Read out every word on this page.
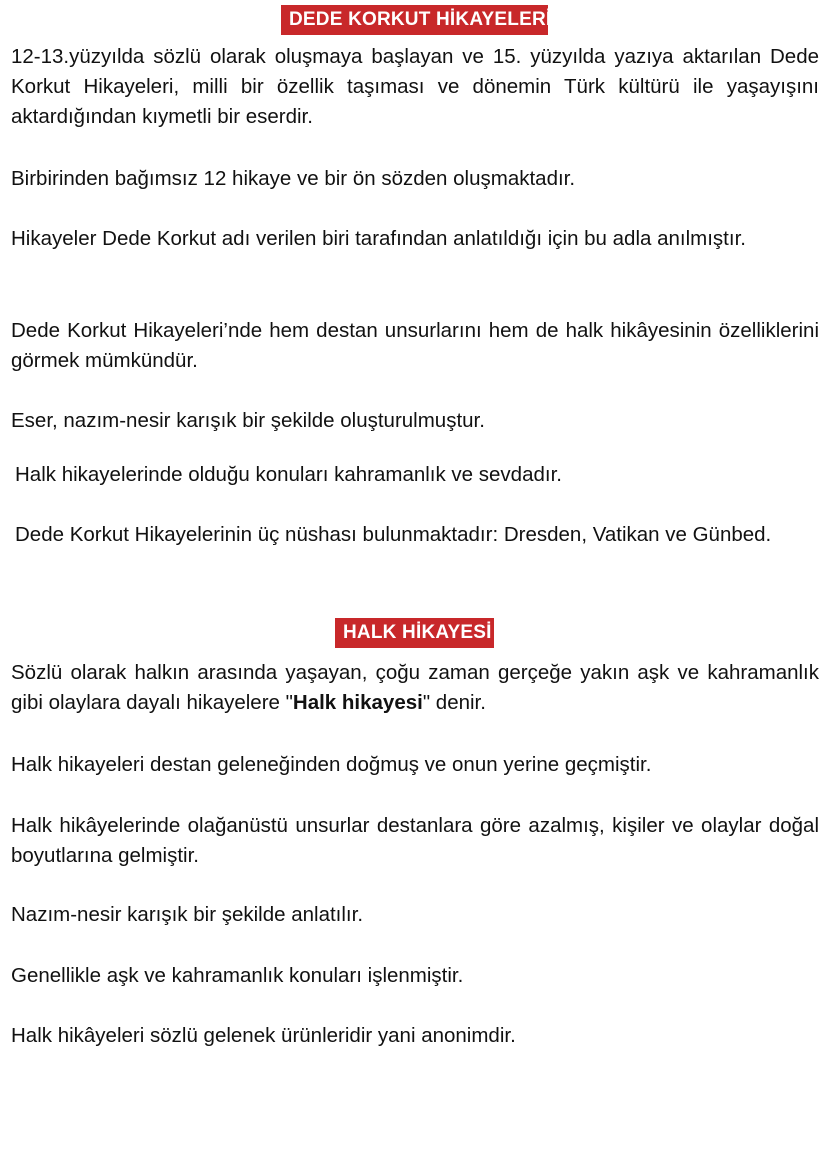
DEDE KORKUT HİKAYELERİ

12-13.yüzyılda sözlü olarak oluşmaya başlayan ve 15. yüzyılda yazıya aktarılan Dede Korkut Hikayeleri, milli bir özellik taşıması ve dönemin Türk kültürü ile yaşayışını aktardığından kıymetli bir eserdir.

Birbirinden bağımsız 12 hikaye ve bir ön sözden oluşmaktadır.

Hikayeler Dede Korkut adı verilen biri tarafından anlatıldığı için bu adla anılmıştır.

Dede Korkut Hikayeleri’nde hem destan unsurlarını hem de halk hikâyesinin özelliklerini görmek mümkündür.

Eser, nazım-nesir karışık bir şekilde oluşturulmuştur.

Halk hikayelerinde olduğu konuları kahramanlık ve sevdadır.

Dede Korkut Hikayelerinin üç nüshası bulunmaktadır: Dresden, Vatikan ve Günbed.

HALK HİKAYESİ

Sözlü olarak halkın arasında yaşayan, çoğu zaman gerçeğe yakın aşk ve kahramanlık gibi olaylara dayalı hikayelere "Halk hikayesi" denir.

Halk hikayeleri destan geleneğinden doğmuş ve onun yerine geçmiştir.

Halk hikâyelerinde olağanüstü unsurlar destanlara göre azalmış, kişiler ve olaylar doğal boyutlarına gelmiştir.

Nazım-nesir karışık bir şekilde anlatılır.

Genellikle aşk ve kahramanlık konuları işlenmiştir.

Halk hikâyeleri sözlü gelenek ürünleridir yani anonimdir.
